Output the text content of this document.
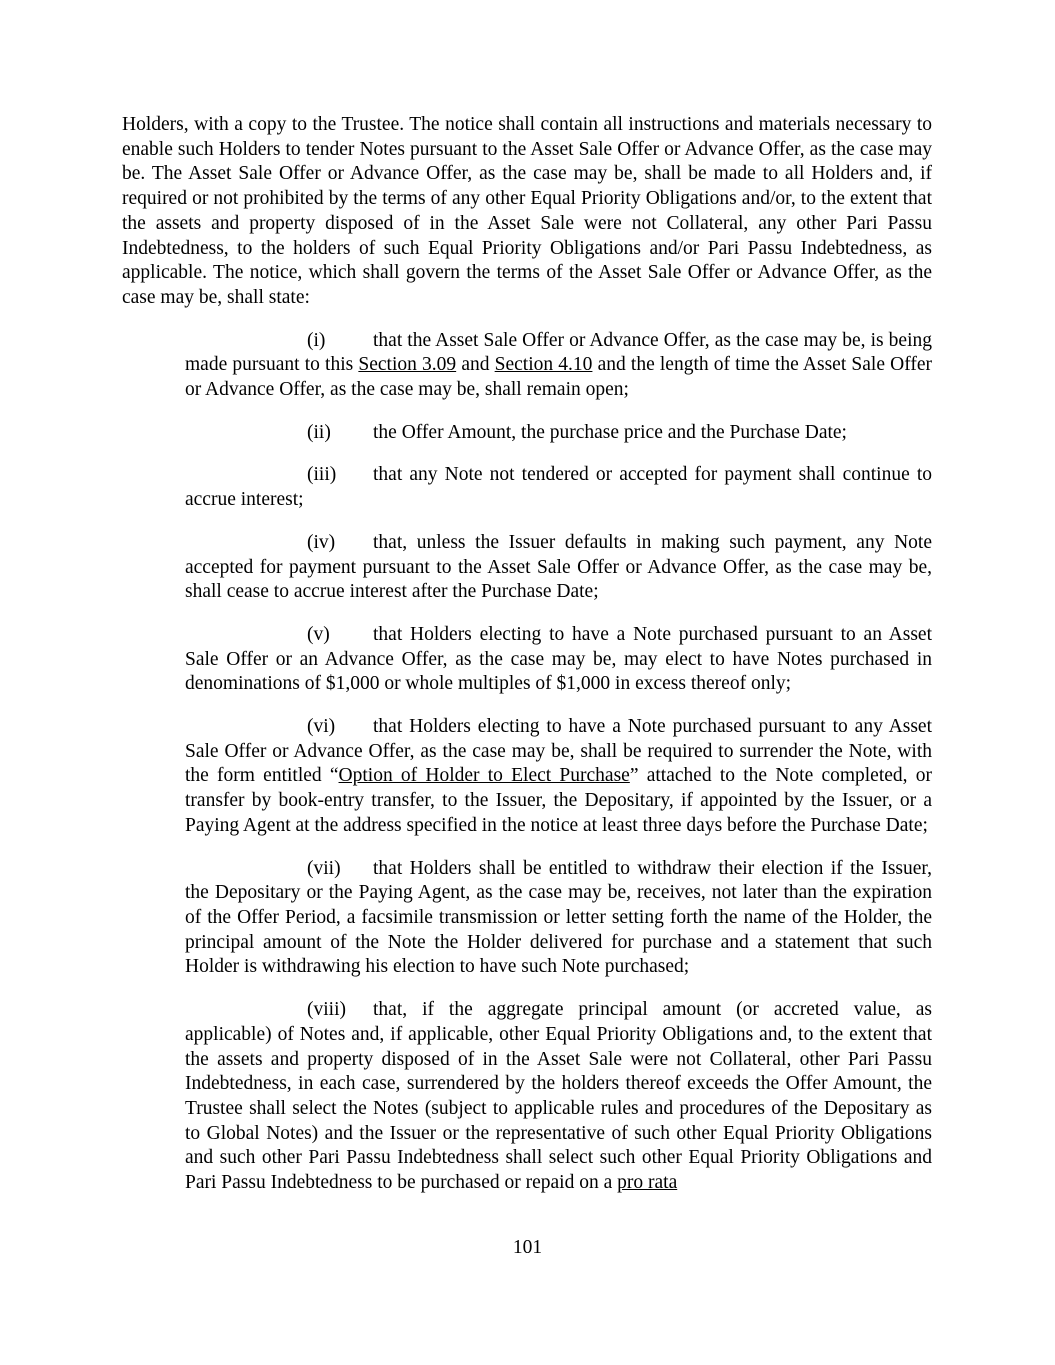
Holders, with a copy to the Trustee. The notice shall contain all instructions and materials necessary to enable such Holders to tender Notes pursuant to the Asset Sale Offer or Advance Offer, as the case may be. The Asset Sale Offer or Advance Offer, as the case may be, shall be made to all Holders and, if required or not prohibited by the terms of any other Equal Priority Obligations and/or, to the extent that the assets and property disposed of in the Asset Sale were not Collateral, any other Pari Passu Indebtedness, to the holders of such Equal Priority Obligations and/or Pari Passu Indebtedness, as applicable. The notice, which shall govern the terms of the Asset Sale Offer or Advance Offer, as the case may be, shall state:

(i) that the Asset Sale Offer or Advance Offer, as the case may be, is being made pursuant to this Section 3.09 and Section 4.10 and the length of time the Asset Sale Offer or Advance Offer, as the case may be, shall remain open;

(ii) the Offer Amount, the purchase price and the Purchase Date;

(iii) that any Note not tendered or accepted for payment shall continue to accrue interest;

(iv) that, unless the Issuer defaults in making such payment, any Note accepted for payment pursuant to the Asset Sale Offer or Advance Offer, as the case may be, shall cease to accrue interest after the Purchase Date;

(v) that Holders electing to have a Note purchased pursuant to an Asset Sale Offer or an Advance Offer, as the case may be, may elect to have Notes purchased in denominations of $1,000 or whole multiples of $1,000 in excess thereof only;

(vi) that Holders electing to have a Note purchased pursuant to any Asset Sale Offer or Advance Offer, as the case may be, shall be required to surrender the Note, with the form entitled “Option of Holder to Elect Purchase” attached to the Note completed, or transfer by book-entry transfer, to the Issuer, the Depositary, if appointed by the Issuer, or a Paying Agent at the address specified in the notice at least three days before the Purchase Date;

(vii) that Holders shall be entitled to withdraw their election if the Issuer, the Depositary or the Paying Agent, as the case may be, receives, not later than the expiration of the Offer Period, a facsimile transmission or letter setting forth the name of the Holder, the principal amount of the Note the Holder delivered for purchase and a statement that such Holder is withdrawing his election to have such Note purchased;

(viii) that, if the aggregate principal amount (or accreted value, as applicable) of Notes and, if applicable, other Equal Priority Obligations and, to the extent that the assets and property disposed of in the Asset Sale were not Collateral, other Pari Passu Indebtedness, in each case, surrendered by the holders thereof exceeds the Offer Amount, the Trustee shall select the Notes (subject to applicable rules and procedures of the Depositary as to Global Notes) and the Issuer or the representative of such other Equal Priority Obligations and such other Pari Passu Indebtedness shall select such other Equal Priority Obligations and Pari Passu Indebtedness to be purchased or repaid on a pro rata

101
